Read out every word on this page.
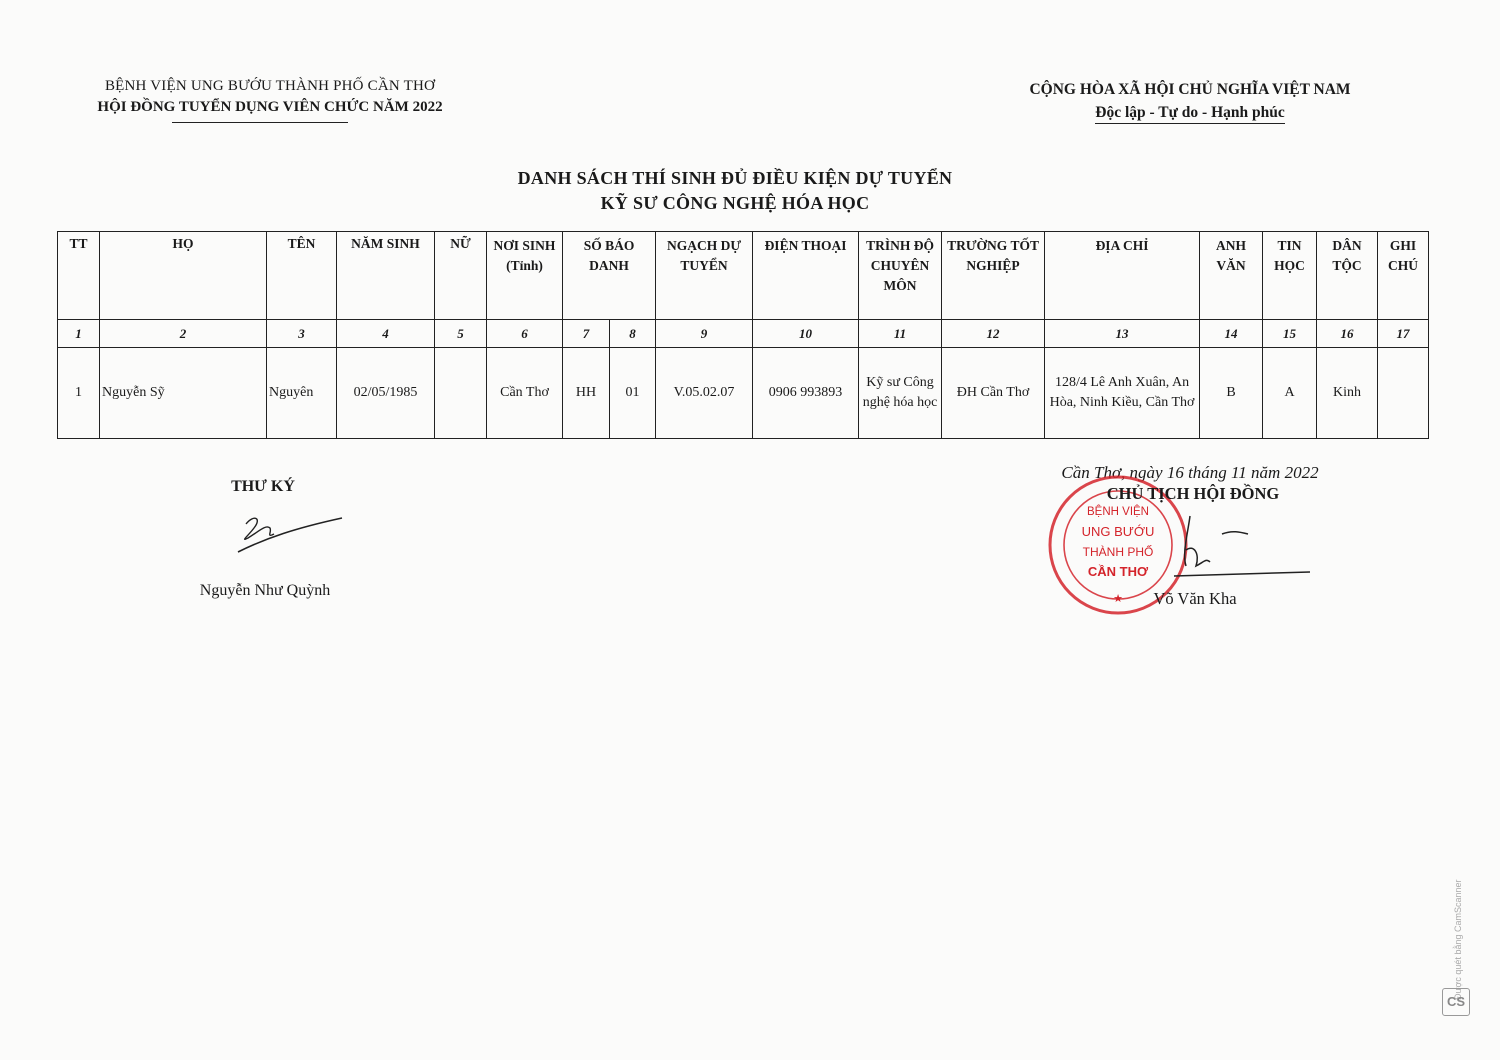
BỆNH VIỆN UNG BƯỚU THÀNH PHỐ CẦN THƠ
HỘI ĐỒNG TUYỂN DỤNG VIÊN CHỨC NĂM 2022
CỘNG HÒA XÃ HỘI CHỦ NGHĨA VIỆT NAM
Độc lập - Tự do - Hạnh phúc
DANH SÁCH THÍ SINH ĐỦ ĐIỀU KIỆN DỰ TUYỂN
KỸ SƯ CÔNG NGHỆ HÓA HỌC
TT	HỌ	TÊN	NĂM SINH	NỮ	NƠI SINH (Tỉnh)	SỐ BÁO DANH		NGẠCH DỰ TUYỂN	ĐIỆN THOẠI	TRÌNH ĐỘ CHUYÊN MÔN	TRƯỜNG TỐT NGHIỆP	ĐỊA CHỈ	ANH VĂN	TIN HỌC	DÂN TỘC	GHI CHÚ
1	2	3	4	5	6	7	8	9	10	11	12	13	14	15	16	17
1	Nguyễn Sỹ	Nguyên	02/05/1985		Cần Thơ	HH	01	V.05.02.07	0906 993893	Kỹ sư Công nghệ hóa học	ĐH Cần Thơ	128/4 Lê Anh Xuân, An Hòa, Ninh Kiều, Cần Thơ	B	A	Kinh	
THƯ KÝ
Nguyễn Như Quỳnh
Cần Thơ, ngày 16 tháng 11 năm 2022
BỆNH VIỆN
UNG BƯỚU
THÀNH PHỐ
CẦN THƠ
★
CHỦ TỊCH HỘI ĐỒNG
Võ Văn Kha
Được quét bằng CamScanner
CS
